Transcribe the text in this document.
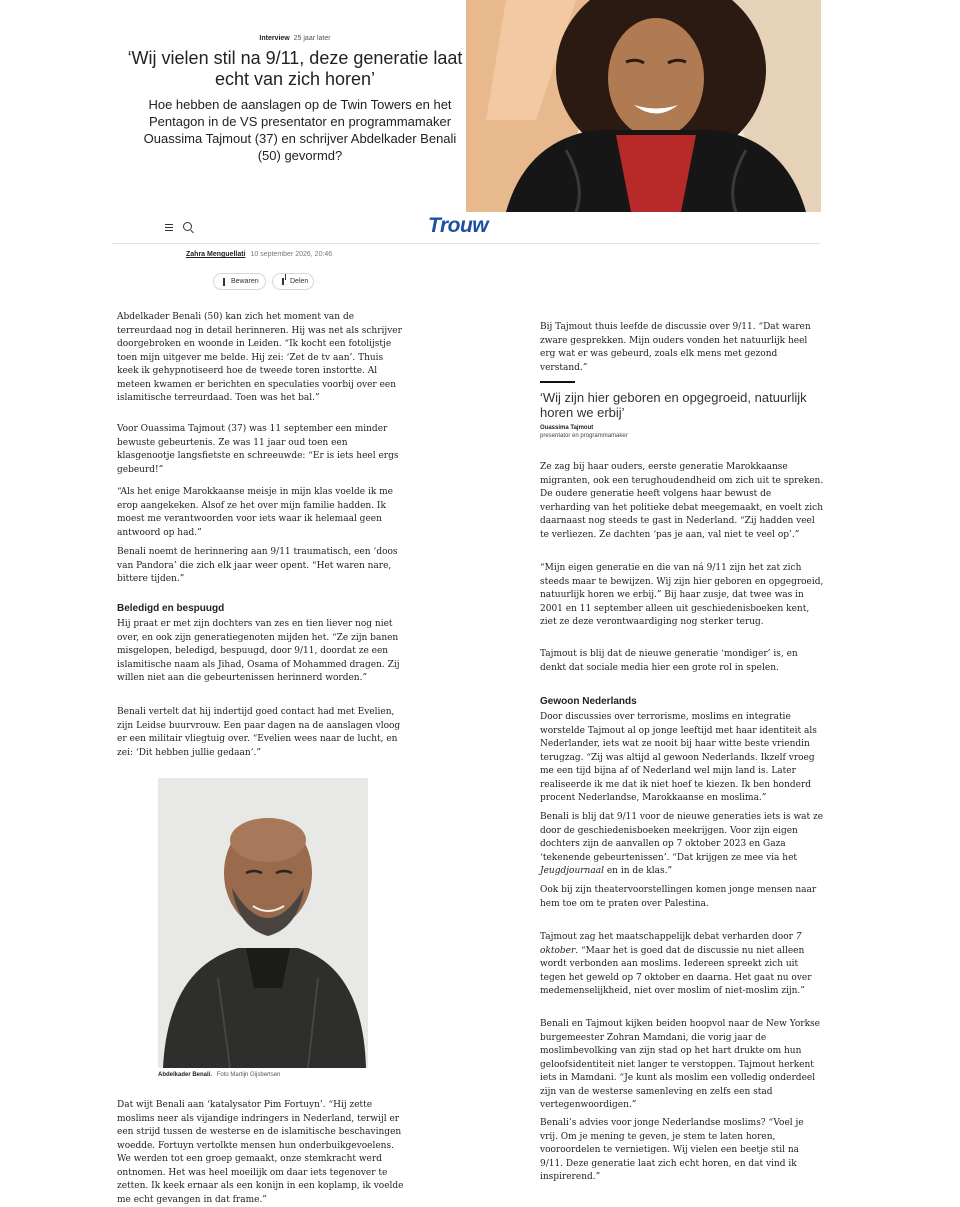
Interview 25 jaar later
‘Wij vielen stil na 9/11, deze generatie laat echt van zich horen’
Hoe hebben de aanslagen op de Twin Towers en het Pentagon in de VS presentator en programmamaker Ouassima Tajmout (37) en schrijver Abdelkader Benali (50) gevormd?
Trouw
Zahra Menguellati 10 september 2026, 20:46
Bewaren	Delen

Abdelkader Benali (50) kan zich het moment van de terreurdaad nog in detail herinneren. Hij was net als schrijver doorgebroken en woonde in Leiden. “Ik kocht een fotolijstje toen mijn uitgever me belde. Hij zei: ‘Zet de tv aan’. Thuis keek ik gehypnotiseerd hoe de tweede toren instortte. Al meteen kwamen er berichten en speculaties voorbij over een islamitische terreurdaad. Toen was het bal.”

Voor Ouassima Tajmout (37) was 11 september een minder bewuste gebeurtenis. Ze was 11 jaar oud toen een klasgenootje langsfietste en schreeuwde: “Er is iets heel ergs gebeurd!”

“Als het enige Marokkaanse meisje in mijn klas voelde ik me erop aangekeken. Alsof ze het over mijn familie hadden. Ik moest me verantwoorden voor iets waar ik helemaal geen antwoord op had.”

Benali noemt de herinnering aan 9/11 traumatisch, een ‘doos van Pandora’ die zich elk jaar weer opent. “Het waren nare, bittere tijden.”

Beledigd en bespuugd

Hij praat er met zijn dochters van zes en tien liever nog niet over, en ook zijn generatiegenoten mijden het. “Ze zijn banen misgelopen, beledigd, bespuugd, door 9/11, doordat ze een islamitische naam als Jihad, Osama of Mohammed dragen. Zij willen niet aan die gebeurtenissen herinnerd worden.”

Benali vertelt dat hij indertijd goed contact had met Evelien, zijn Leidse buurvrouw. Een paar dagen na de aanslagen vloog er een militair vliegtuig over. “Evelien wees naar de lucht, en zei: ‘Dit hebben jullie gedaan’.”

Abdelkader Benali. Foto Martijn Gijsbertsen

Dat wijt Benali aan ‘katalysator Pim Fortuyn’. “Hij zette moslims neer als vijandige indringers in Nederland, terwijl er een strijd tussen de westerse en de islamitische beschavingen woedde. Fortuyn vertolkte mensen hun onderbuikgevoelens. We werden tot een groep gemaakt, onze stemkracht werd ontnomen. Het was heel moeilijk om daar iets tegenover te zetten. Ik keek ernaar als een konijn in een koplamp, ik voelde me echt gevangen in dat frame.”

Bij Tajmout thuis leefde de discussie over 9/11. “Dat waren zware gesprekken. Mijn ouders vonden het natuurlijk heel erg wat er was gebeurd, zoals elk mens met gezond verstand.”

‘Wij zijn hier geboren en opgegroeid, natuurlijk horen we erbij’
Ouassima Tajmout
presentator en programmamaker

Ze zag bij haar ouders, eerste generatie Marokkaanse migranten, ook een terughoudendheid om zich uit te spreken. De oudere generatie heeft volgens haar bewust de verharding van het politieke debat meegemaakt, en voelt zich daarnaast nog steeds te gast in Nederland. “Zij hadden veel te verliezen. Ze dachten ‘pas je aan, val niet te veel op’.”

“Mijn eigen generatie en die van ná 9/11 zijn het zat zich steeds maar te bewijzen. Wij zijn hier geboren en opgegroeid, natuurlijk horen we erbij.” Bij haar zusje, dat twee was in 2001 en 11 september alleen uit geschiedenisboeken kent, ziet ze deze verontwaardiging nog sterker terug.

Tajmout is blij dat de nieuwe generatie ‘mondiger’ is, en denkt dat sociale media hier een grote rol in spelen.

Gewoon Nederlands

Door discussies over terrorisme, moslims en integratie worstelde Tajmout al op jonge leeftijd met haar identiteit als Nederlander, iets wat ze nooit bij haar witte beste vriendin terugzag. “Zij was altijd al gewoon Nederlands. Ikzelf vroeg me een tijd bijna af of Nederland wel mijn land is. Later realiseerde ik me dat ik niet hoef te kiezen. Ik ben honderd procent Nederlandse, Marokkaanse en moslima.”

Benali is blij dat 9/11 voor de nieuwe generaties iets is wat ze door de geschiedenisboeken meekrijgen. Voor zijn eigen dochters zijn de aanvallen op 7 oktober 2023 en Gaza ‘tekenende gebeurtenissen’. “Dat krijgen ze mee via het Jeugdjournaal en in de klas.”

Ook bij zijn theatervoorstellingen komen jonge mensen naar hem toe om te praten over Palestina.

Tajmout zag het maatschappelijk debat verharden door 7 oktober. “Maar het is goed dat de discussie nu niet alleen wordt verbonden aan moslims. Iedereen spreekt zich uit tegen het geweld op 7 oktober en daarna. Het gaat nu over medemenselijkheid, niet over moslim of niet-moslim zijn.”

Benali en Tajmout kijken beiden hoopvol naar de New Yorkse burgemeester Zohran Mamdani, die vorig jaar de moslimbevolking van zijn stad op het hart drukte om hun geloofsidentiteit niet langer te verstoppen. Tajmout herkent iets in Mamdani. “Je kunt als moslim een volledig onderdeel zijn van de westerse samenleving en zelfs een stad vertegenwoordigen.”

Benali’s advies voor jonge Nederlandse moslims? “Voel je vrij. Om je mening te geven, je stem te laten horen, vooroordelen te vernietigen. Wij vielen een beetje stil na 9/11. Deze generatie laat zich echt horen, en dat vind ik inspirerend.”
